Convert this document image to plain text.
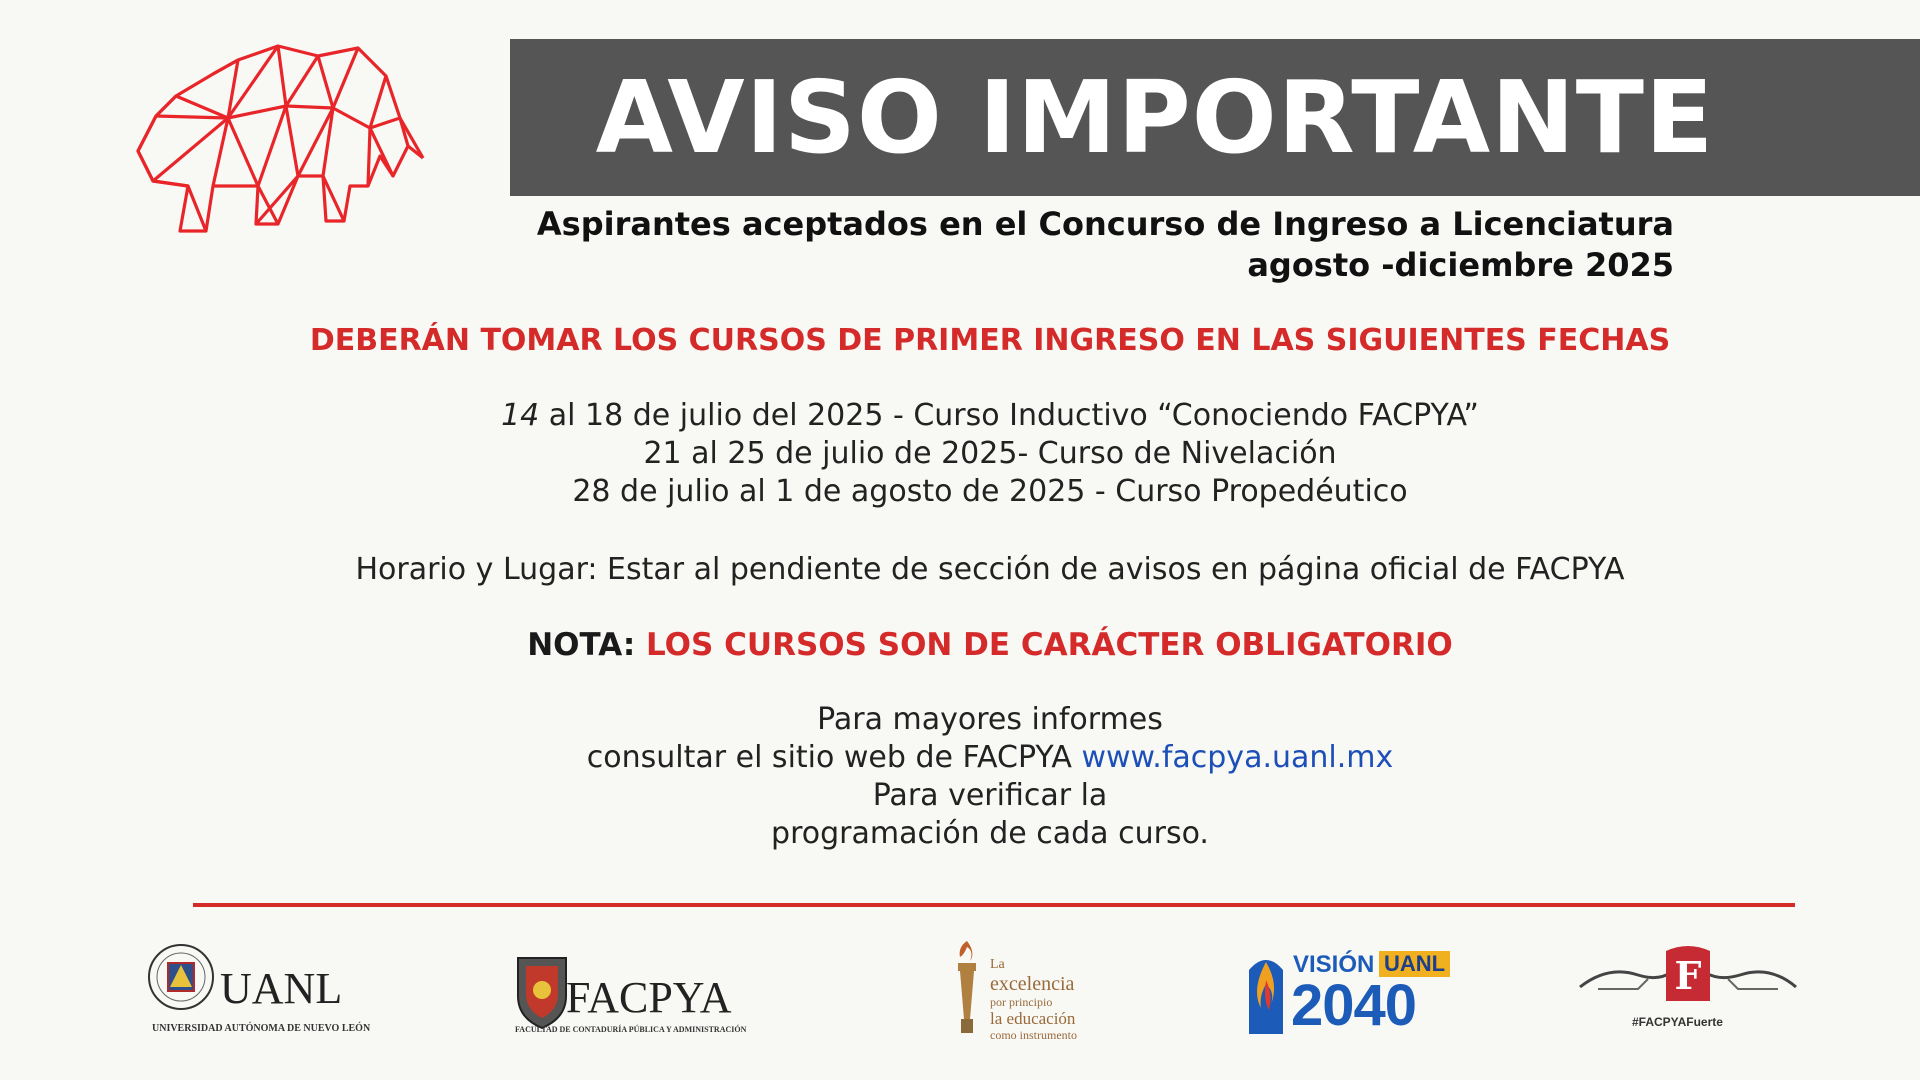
AVISO IMPORTANTE
Aspirantes aceptados en el Concurso de Ingreso a Licenciatura
agosto -diciembre 2025
DEBERÁN TOMAR LOS CURSOS DE PRIMER INGRESO EN LAS SIGUIENTES FECHAS
14 al 18 de julio del 2025 - Curso Inductivo “Conociendo FACPYA”
21 al 25 de julio de 2025- Curso de Nivelación
28 de julio al 1 de agosto de 2025 - Curso Propedéutico
Horario y Lugar: Estar al pendiente de sección de avisos en página oficial de FACPYA
NOTA: LOS CURSOS SON DE CARÁCTER OBLIGATORIO
Para mayores informes
consultar el sitio web de FACPYA www.facpya.uanl.mx
Para verificar la
programación de cada curso.
UANL
UNIVERSIDAD AUTÓNOMA DE NUEVO LEÓN
FACPYA
FACULTAD DE CONTADURÍA PÚBLICA Y ADMINISTRACIÓN
La
excelencia
por principio
la educación
como instrumento
VISIÓN UANL
2040	F
#FACPYAFuerte
